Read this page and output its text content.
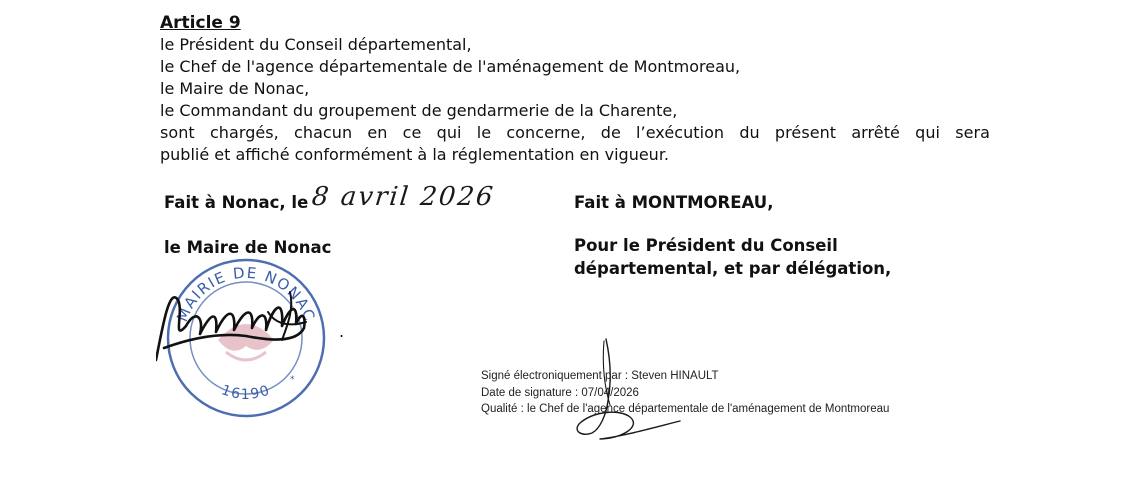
Article 9
le Président du Conseil départemental,
le Chef de l'agence départementale de l'aménagement de Montmoreau,
le Maire de Nonac,
le Commandant du groupement de gendarmerie de la Charente,
sont chargés, chacun en ce qui le concerne, de l’exécution du présent arrêté qui sera
publié et affiché conformément à la réglementation en vigueur.
Fait à Nonac, le 8 avril 2026
le Maire de Nonac
MAIRIE DE NONAC
16190
*
.
Fait à MONTMOREAU,
Pour le Président du Conseil
départemental, et par délégation,
Signé électroniquement par : Steven HINAULT
Date de signature : 07/04/2026
Qualité : le Chef de l'agence départementale de l'aménagement de Montmoreau
